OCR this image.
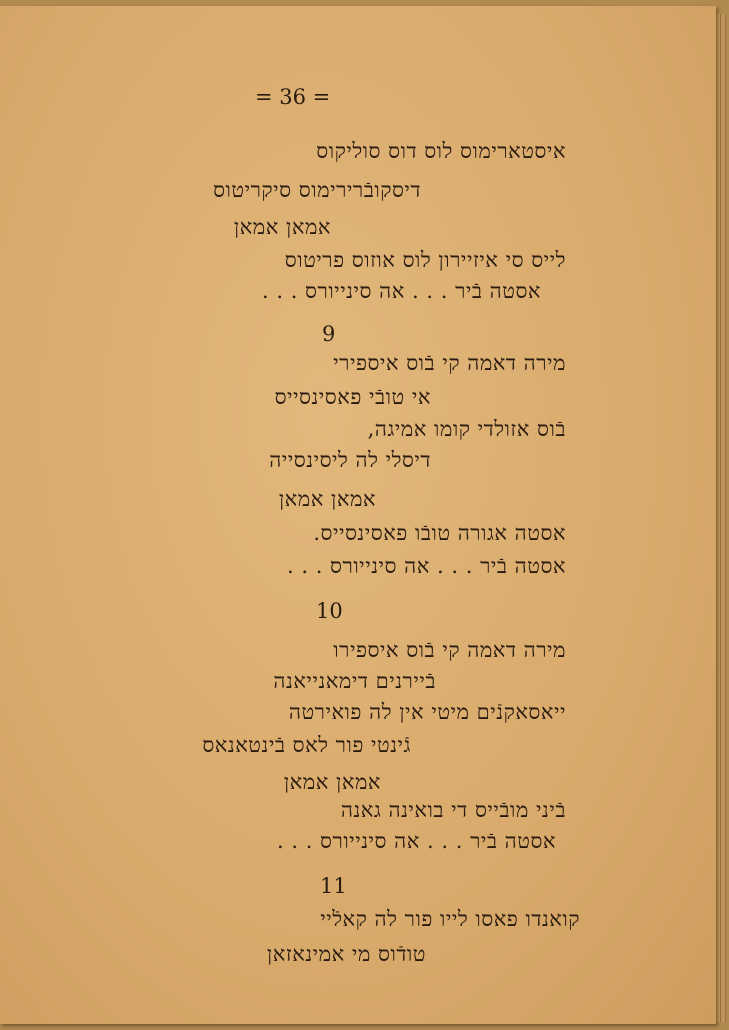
= 36 =
איסטארימוס לוס דוס סוליקוס
דיסקובֿרירימוס סיקריטוס
אמאן אמאן
לייס סי איזיירון לוס אוזוס פריטוס
אסטה בֿיר . . . אה סינייורס . . .
9
מירה דאמה קי בֿוס איספירי
אי טובֿי פאסינסייס
בֿוס אזולדי קומו אמיגה,
דיסלי לה ליסינסייה
אמאן אמאן
אסטה אגורה טובֿו פאסינסייס.
אסטה בֿיר . . . אה סינייורס . . .
10
מירה דאמה קי בֿוס איספירו
בֿיירנים דימאנייאנה
ייאסאקנֿים מיטי אין לה פואירטה
גֿינטי פור לאס בֿינטאנאס
אמאן אמאן
בֿיני מובֿייס די בואינה גאנה
אסטה בֿיר . . . אה סינייורס . . .
11
קואנדו פאסו לייו פור לה קאלֿיי
טודֿוס מי אמינאזאן
